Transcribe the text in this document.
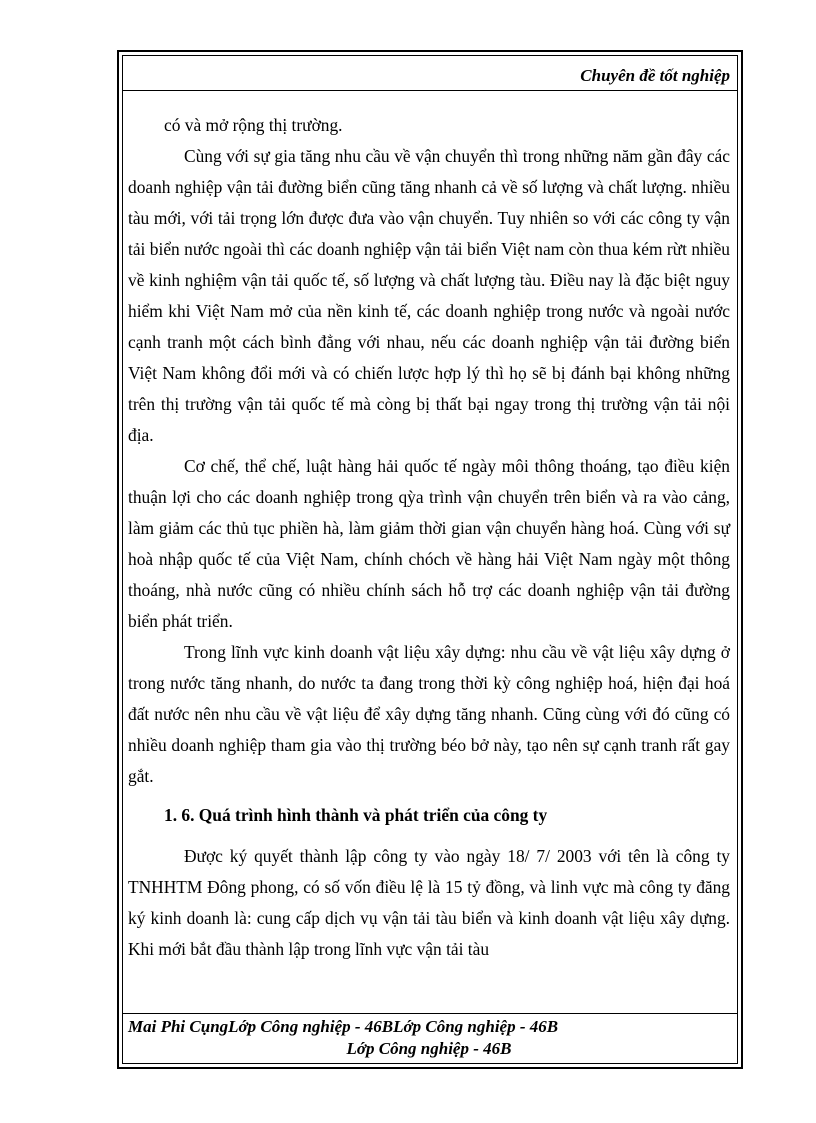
Chuyên đề tốt nghiệp

có và mở rộng thị trường.

Cùng với sự gia tăng nhu cầu về vận chuyển thì trong những năm gần đây các doanh nghiệp vận tải đường biển cũng tăng nhanh cả về số lượng và chất lượng. nhiều tàu mới, với tải trọng lớn được đưa vào vận chuyển. Tuy nhiên so với các công ty vận tải biển nước ngoài thì các doanh nghiệp vận tải biển Việt nam còn thua kém rừt nhiều về kinh nghiệm vận tải quốc tế, số lượng và chất lượng tàu. Điều nay là đặc biệt nguy hiểm khi Việt Nam mở của nền kinh tế, các doanh nghiệp trong nước và ngoài nước cạnh tranh một cách bình đẳng với nhau, nếu các doanh nghiệp vận tải đường biển Việt Nam không đổi mới và có chiến lược hợp lý thì họ sẽ bị đánh bại không những trên thị trường vận tải quốc tế mà còng bị thất bại ngay trong thị trường vận tải nội địa.

Cơ chế, thể chế, luật hàng hải quốc tế ngày môi thông thoáng, tạo điều kiện thuận lợi cho các doanh nghiệp trong qỳa trình vận chuyển trên biển và ra vào cảng, làm giảm các thủ tục phiền hà, làm giảm thời gian vận chuyển hàng hoá. Cùng với sự hoà nhập quốc tế của Việt Nam, chính chóch về hàng hải Việt Nam ngày một thông thoáng, nhà nước cũng có nhiều chính sách hỗ trợ các doanh nghiệp vận tải đường biển phát triển.

Trong lĩnh vực kinh doanh vật liệu xây dựng: nhu cầu về vật liệu xây dựng ở trong nước tăng nhanh, do nước ta đang trong thời kỳ công nghiệp hoá, hiện đại hoá đất nước nên nhu cầu về vật liệu để xây dựng tăng nhanh. Cũng cùng với đó cũng có nhiều doanh nghiệp tham gia vào thị trường béo bở này, tạo nên sự cạnh tranh rất gay gắt.

1. 6. Quá trình hình thành và phát triển của công ty

Được ký quyết thành lập công ty vào ngày 18/ 7/ 2003 với tên là công ty TNHHTM Đông phong, có số vốn điều lệ là 15 tỷ đồng, và linh vực mà công ty đăng ký kinh doanh là: cung cấp dịch vụ vận tải tàu biển và kinh doanh vật liệu xây dựng. Khi mới bắt đầu thành lập trong lĩnh vực vận tải tàu

Mai Phi CụngLớp Công nghiệp - 46BLớp Công nghiệp - 46B
Lớp Công nghiệp - 46B
